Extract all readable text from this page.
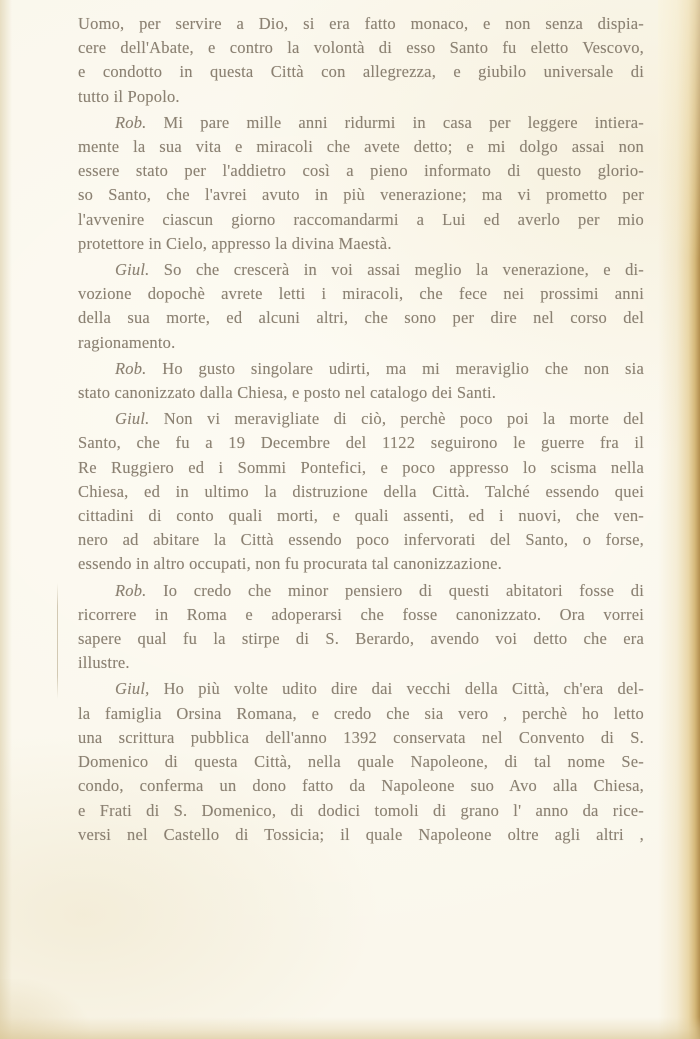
Uomo, per servire a Dio, si era fatto monaco, e non senza dispia-
cere dell'Abate, e contro la volontà di esso Santo fu eletto Vescovo,
e condotto in questa Città con allegrezza, e giubilo universale di
tutto il Popolo.

Rob. Mi pare mille anni ridurmi in casa per leggere intiera-
mente la sua vita e miracoli che avete detto; e mi dolgo assai non
essere stato per l'addietro così a pieno informato di questo glorio-
so Santo, che l'avrei avuto in più venerazione; ma vi prometto per
l'avvenire ciascun giorno raccomandarmi a Lui ed averlo per mio
protettore in Cielo, appresso la divina Maestà.

Giul. So che crescerà in voi assai meglio la venerazione, e di-
vozione dopochè avrete letti i miracoli, che fece nei prossimi anni
della sua morte, ed alcuni altri, che sono per dire nel corso del
ragionamento.

Rob. Ho gusto singolare udirti, ma mi meraviglio che non sia
stato canonizzato dalla Chiesa, e posto nel catalogo dei Santi.

Giul. Non vi meravigliate di ciò, perchè poco poi la morte del
Santo, che fu a 19 Decembre del 1122 seguirono le guerre fra il
Re Ruggiero ed i Sommi Pontefici, e poco appresso lo scisma nella
Chiesa, ed in ultimo la distruzione della Città. Talché essendo quei
cittadini di conto quali morti, e quali assenti, ed i nuovi, che ven-
nero ad abitare la Città essendo poco infervorati del Santo, o forse,
essendo in altro occupati, non fu procurata tal canonizzazione.

Rob. Io credo che minor pensiero di questi abitatori fosse di
ricorrere in Roma e adoperarsi che fosse canonizzato. Ora vorrei
sapere qual fu la stirpe di S. Berardo, avendo voi detto che era
illustre.

Giul, Ho più volte udito dire dai vecchi della Città, ch'era del-
la famiglia Orsina Romana, e credo che sia vero , perchè ho letto
una scrittura pubblica dell'anno 1392 conservata nel Convento di S.
Domenico di questa Città, nella quale Napoleone, di tal nome Se-
condo, conferma un dono fatto da Napoleone suo Avo alla Chiesa,
e Frati di S. Domenico, di dodici tomoli di grano l' anno da rice-
versi nel Castello di Tossicia; il quale Napoleone oltre agli altri ,
